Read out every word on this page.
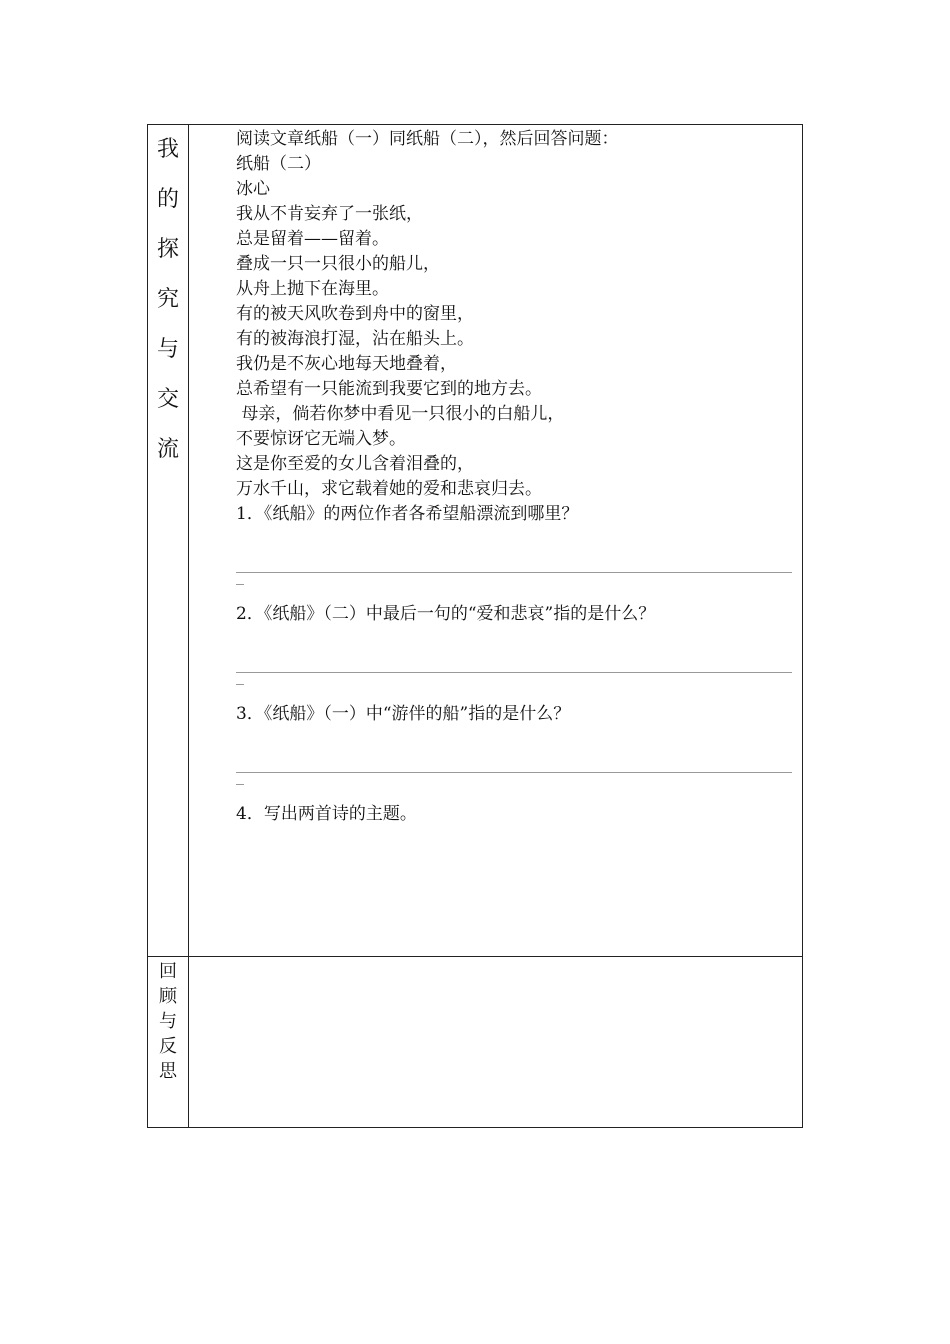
我
的
探
究
与
交
流
阅读文章纸船（一）同纸船（二），然后回答问题：
纸船（二）
冰心
我从不肯妄弃了一张纸，
总是留着——留着。
叠成一只一只很小的船儿，
从舟上抛下在海里。
有的被天风吹卷到舟中的窗里，
有的被海浪打湿，沾在船头上。
我仍是不灰心地每天地叠着，
总希望有一只能流到我要它到的地方去。
母亲，倘若你梦中看见一只很小的白船儿，
不要惊讶它无端入梦。
这是你至爱的女儿含着泪叠的，
万水千山，求它载着她的爱和悲哀归去。
1．《纸船》的两位作者各希望船漂流到哪里？
2．《纸船》（二）中最后一句的“爱和悲哀”指的是什么？
3．《纸船》（一）中“游伴的船”指的是什么？
4．写出两首诗的主题。
回
顾
与
反
思
